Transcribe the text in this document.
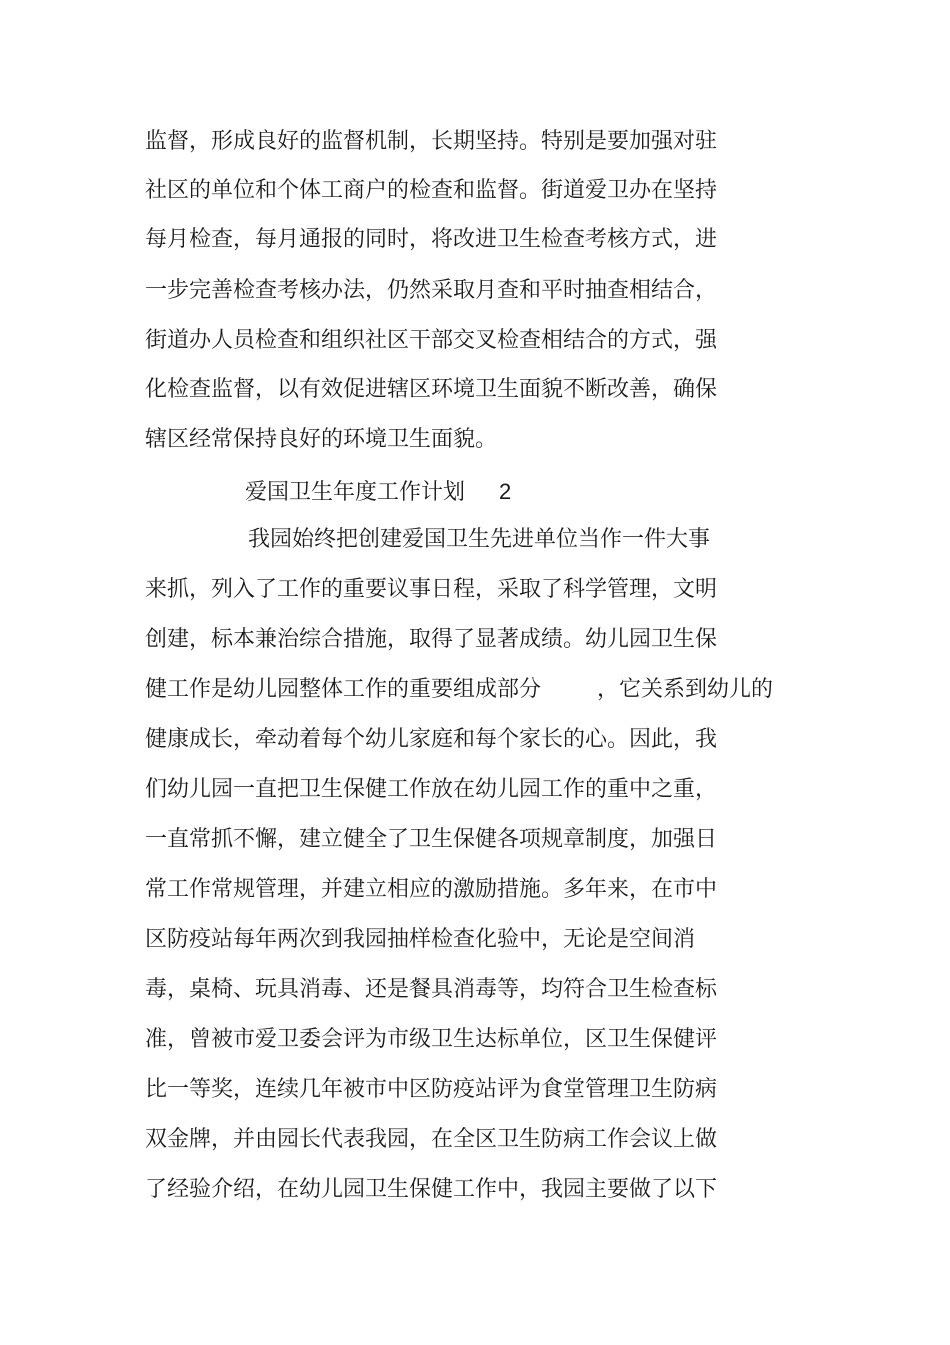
监督，形成良好的监督机制，长期坚持。特别是要加强对驻
社区的单位和个体工商户的检查和监督。街道爱卫办在坚持
每月检查，每月通报的同时，将改进卫生检查考核方式，进
一步完善检查考核办法，仍然采取月查和平时抽查相结合，
街道办人员检查和组织社区干部交叉检查相结合的方式，强
化检查监督，以有效促进辖区环境卫生面貌不断改善，确保
辖区经常保持良好的环境卫生面貌。
爱国卫生年度工作计划 2
我园始终把创建爱国卫生先进单位当作一件大事
来抓，列入了工作的重要议事日程，采取了科学管理，文明
创建，标本兼治综合措施，取得了显著成绩。幼儿园卫生保
健工作是幼儿园整体工作的重要组成部分	，它关系到幼儿的
健康成长，牵动着每个幼儿家庭和每个家长的心。因此，我
们幼儿园一直把卫生保健工作放在幼儿园工作的重中之重，
一直常抓不懈，建立健全了卫生保健各项规章制度，加强日
常工作常规管理，并建立相应的激励措施。多年来，在市中
区防疫站每年两次到我园抽样检查化验中，无论是空间消
毒，桌椅、玩具消毒、还是餐具消毒等，均符合卫生检查标
准，曾被市爱卫委会评为市级卫生达标单位，区卫生保健评
比一等奖，连续几年被市中区防疫站评为食堂管理卫生防病
双金牌，并由园长代表我园，在全区卫生防病工作会议上做
了经验介绍，在幼儿园卫生保健工作中，我园主要做了以下
